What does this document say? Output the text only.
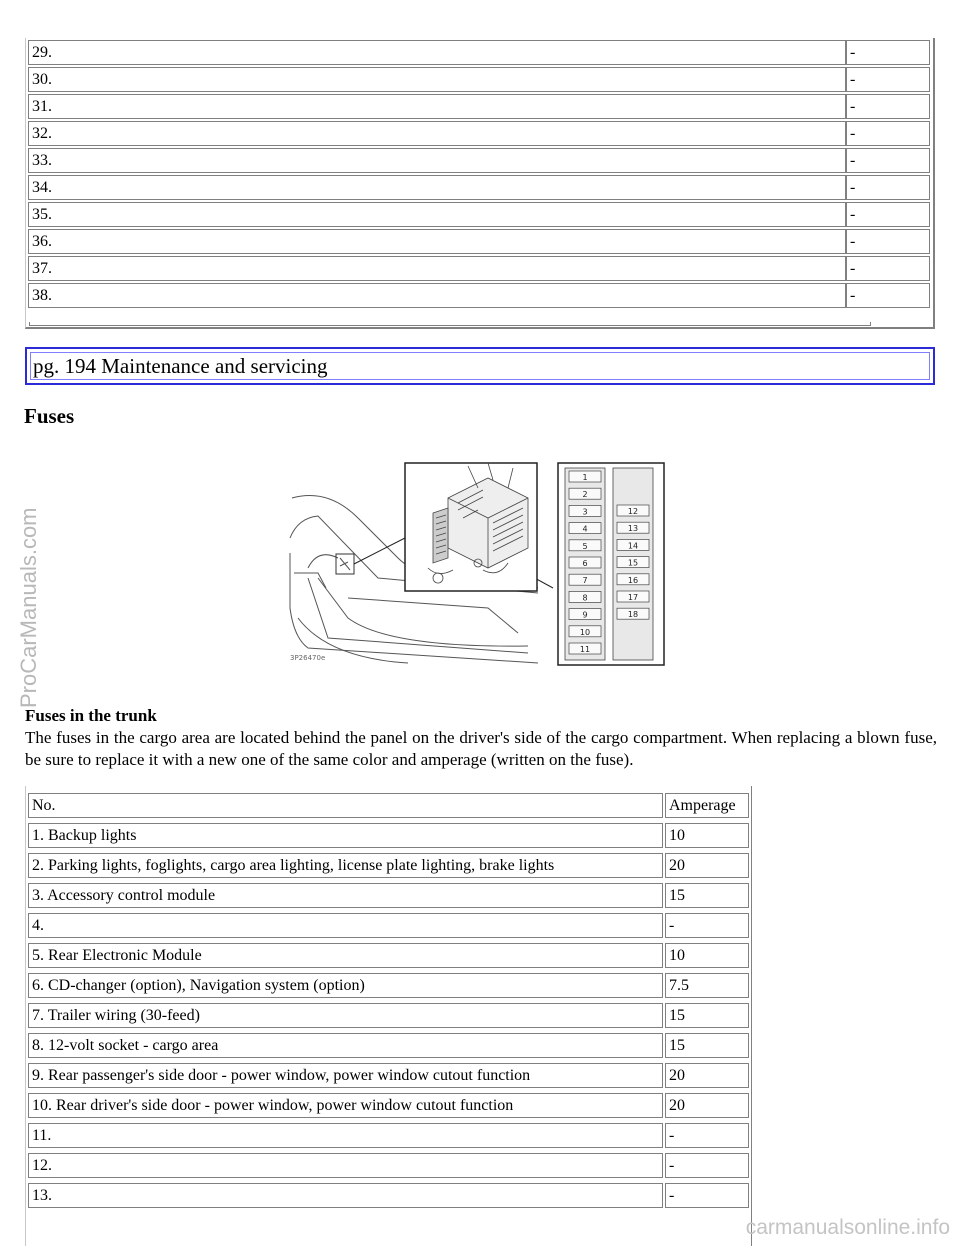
29.	-
30.	-
31.	-
32.	-
33.	-
34.	-
35.	-
36.	-
37.	-
38.	-
pg. 194 Maintenance and servicing
Fuses
1
2
3
4
5
6
7
8
9
10
11
12
13
14
15
16
17
18
3P26470e
Fuses in the trunk

The fuses in the cargo area are located behind the panel on the driver's side of the cargo compartment. When replacing a blown fuse, be sure to replace it with a new one of the same color and amperage (written on the fuse).

No.	Amperage
1. Backup lights	10
2. Parking lights, foglights, cargo area lighting, license plate lighting, brake lights	20
3. Accessory control module	15
4.	-
5. Rear Electronic Module	10
6. CD-changer (option), Navigation system (option)	7.5
7. Trailer wiring (30-feed)	15
8. 12-volt socket - cargo area	15
9. Rear passenger's side door - power window, power window cutout function	20
10. Rear driver's side door - power window, power window cutout function	20
11.	-
12.	-
13.	-
ProCarManuals.com
carmanualsonline.info
